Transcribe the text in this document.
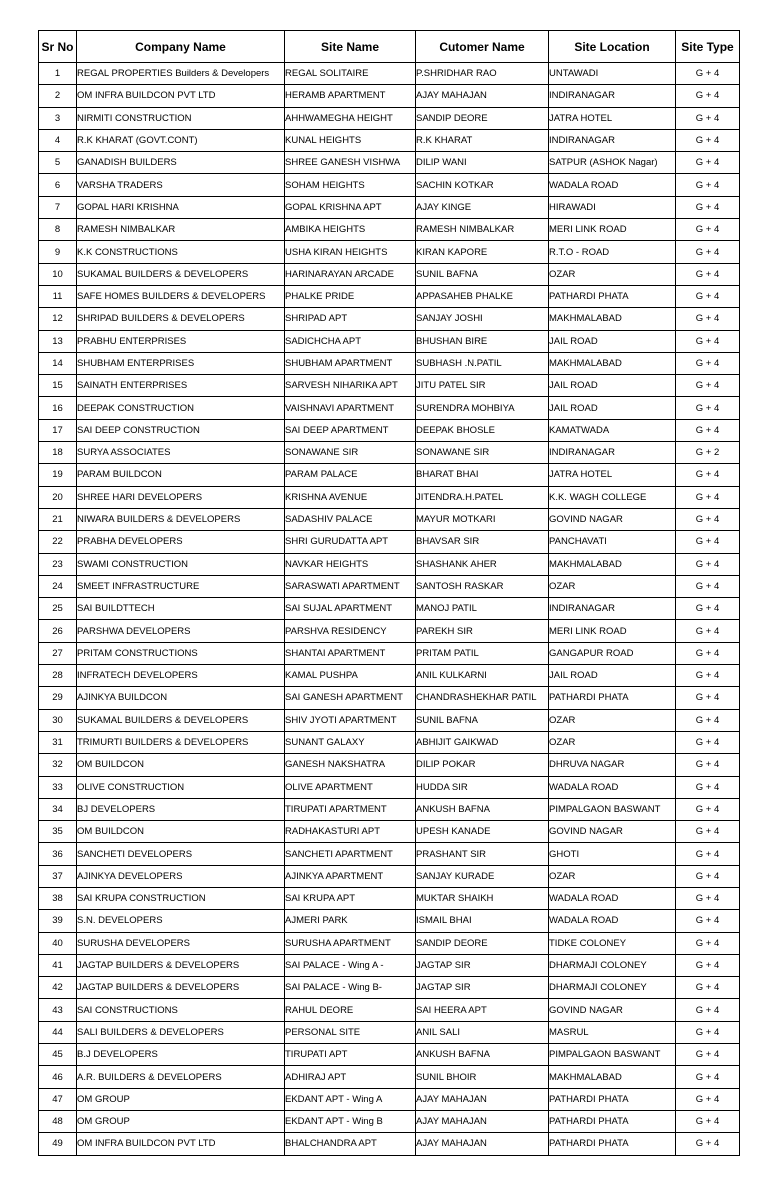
Sr No	Company Name	Site Name	Cutomer Name	Site Location	Site Type
1	REGAL PROPERTIES Builders & Developers	REGAL SOLITAIRE	P.SHRIDHAR RAO	UNTAWADI	G + 4
2	OM INFRA BUILDCON PVT LTD	HERAMB APARTMENT	AJAY MAHAJAN	INDIRANAGAR	G + 4
3	NIRMITI CONSTRUCTION	AHHWAMEGHA HEIGHT	SANDIP DEORE	JATRA HOTEL	G + 4
4	R.K KHARAT (GOVT.CONT)	KUNAL HEIGHTS	R.K KHARAT	INDIRANAGAR	G + 4
5	GANADISH BUILDERS	SHREE GANESH VISHWA	DILIP WANI	SATPUR (ASHOK Nagar)	G + 4
6	VARSHA TRADERS	SOHAM HEIGHTS	SACHIN KOTKAR	WADALA ROAD	G + 4
7	GOPAL HARI KRISHNA	GOPAL KRISHNA APT	AJAY KINGE	HIRAWADI	G + 4
8	RAMESH NIMBALKAR	AMBIKA HEIGHTS	RAMESH NIMBALKAR	MERI LINK ROAD	G + 4
9	K.K CONSTRUCTIONS	USHA KIRAN HEIGHTS	KIRAN KAPORE	R.T.O - ROAD	G + 4
10	SUKAMAL BUILDERS & DEVELOPERS	HARINARAYAN ARCADE	SUNIL BAFNA	OZAR	G + 4
11	SAFE HOMES BUILDERS & DEVELOPERS	PHALKE PRIDE	APPASAHEB PHALKE	PATHARDI PHATA	G + 4
12	SHRIPAD BUILDERS & DEVELOPERS	SHRIPAD APT	SANJAY JOSHI	MAKHMALABAD	G + 4
13	PRABHU ENTERPRISES	SADICHCHA APT	BHUSHAN BIRE	JAIL ROAD	G + 4
14	SHUBHAM ENTERPRISES	SHUBHAM APARTMENT	SUBHASH .N.PATIL	MAKHMALABAD	G + 4
15	SAINATH ENTERPRISES	SARVESH NIHARIKA APT	JITU PATEL SIR	JAIL ROAD	G + 4
16	DEEPAK CONSTRUCTION	VAISHNAVI APARTMENT	SURENDRA MOHBIYA	JAIL ROAD	G + 4
17	SAI DEEP CONSTRUCTION	SAI DEEP APARTMENT	DEEPAK BHOSLE	KAMATWADA	G + 4
18	SURYA ASSOCIATES	SONAWANE SIR	SONAWANE SIR	INDIRANAGAR	G + 2
19	PARAM BUILDCON	PARAM PALACE	BHARAT BHAI	JATRA HOTEL	G + 4
20	SHREE HARI DEVELOPERS	KRISHNA AVENUE	JITENDRA.H.PATEL	K.K. WAGH COLLEGE	G + 4
21	NIWARA BUILDERS & DEVELOPERS	SADASHIV PALACE	MAYUR MOTKARI	GOVIND NAGAR	G + 4
22	PRABHA DEVELOPERS	SHRI GURUDATTA APT	BHAVSAR SIR	PANCHAVATI	G + 4
23	SWAMI CONSTRUCTION	NAVKAR HEIGHTS	SHASHANK AHER	MAKHMALABAD	G + 4
24	SMEET INFRASTRUCTURE	SARASWATI APARTMENT	SANTOSH RASKAR	OZAR	G + 4
25	SAI BUILDTTECH	SAI SUJAL APARTMENT	MANOJ PATIL	INDIRANAGAR	G + 4
26	PARSHWA DEVELOPERS	PARSHVA RESIDENCY	PAREKH SIR	MERI LINK ROAD	G + 4
27	PRITAM CONSTRUCTIONS	SHANTAI APARTMENT	PRITAM PATIL	GANGAPUR ROAD	G + 4
28	INFRATECH DEVELOPERS	KAMAL PUSHPA	ANIL KULKARNI	JAIL ROAD	G + 4
29	AJINKYA BUILDCON	SAI GANESH APARTMENT	CHANDRASHEKHAR PATIL	PATHARDI PHATA	G + 4
30	SUKAMAL BUILDERS & DEVELOPERS	SHIV JYOTI APARTMENT	SUNIL BAFNA	OZAR	G + 4
31	TRIMURTI BUILDERS & DEVELOPERS	SUNANT GALAXY	ABHIJIT GAIKWAD	OZAR	G + 4
32	OM BUILDCON	GANESH NAKSHATRA	DILIP POKAR	DHRUVA NAGAR	G + 4
33	OLIVE CONSTRUCTION	OLIVE APARTMENT	HUDDA SIR	WADALA ROAD	G + 4
34	BJ DEVELOPERS	TIRUPATI APARTMENT	ANKUSH BAFNA	PIMPALGAON BASWANT	G + 4
35	OM BUILDCON	RADHAKASTURI APT	UPESH KANADE	GOVIND NAGAR	G + 4
36	SANCHETI DEVELOPERS	SANCHETI APARTMENT	PRASHANT SIR	GHOTI	G + 4
37	AJINKYA DEVELOPERS	AJINKYA APARTMENT	SANJAY KURADE	OZAR	G + 4
38	SAI KRUPA CONSTRUCTION	SAI KRUPA APT	MUKTAR SHAIKH	WADALA ROAD	G + 4
39	S.N. DEVELOPERS	AJMERI PARK	ISMAIL BHAI	WADALA ROAD	G + 4
40	SURUSHA DEVELOPERS	SURUSHA APARTMENT	SANDIP DEORE	TIDKE COLONEY	G + 4
41	JAGTAP BUILDERS & DEVELOPERS	SAI PALACE - Wing A -	JAGTAP SIR	DHARMAJI COLONEY	G + 4
42	JAGTAP BUILDERS & DEVELOPERS	SAI PALACE - Wing B-	JAGTAP SIR	DHARMAJI COLONEY	G + 4
43	SAI CONSTRUCTIONS	RAHUL DEORE	SAI HEERA APT	GOVIND NAGAR	G + 4
44	SALI BUILDERS & DEVELOPERS	PERSONAL SITE	ANIL SALI	MASRUL	G + 4
45	B.J DEVELOPERS	TIRUPATI APT	ANKUSH BAFNA	PIMPALGAON BASWANT	G + 4
46	A.R. BUILDERS & DEVELOPERS	ADHIRAJ APT	SUNIL BHOIR	MAKHMALABAD	G + 4
47	OM GROUP	EKDANT APT - Wing A	AJAY MAHAJAN	PATHARDI PHATA	G + 4
48	OM GROUP	EKDANT APT - Wing B	AJAY MAHAJAN	PATHARDI PHATA	G + 4
49	OM INFRA BUILDCON PVT LTD	BHALCHANDRA APT	AJAY MAHAJAN	PATHARDI PHATA	G + 4
